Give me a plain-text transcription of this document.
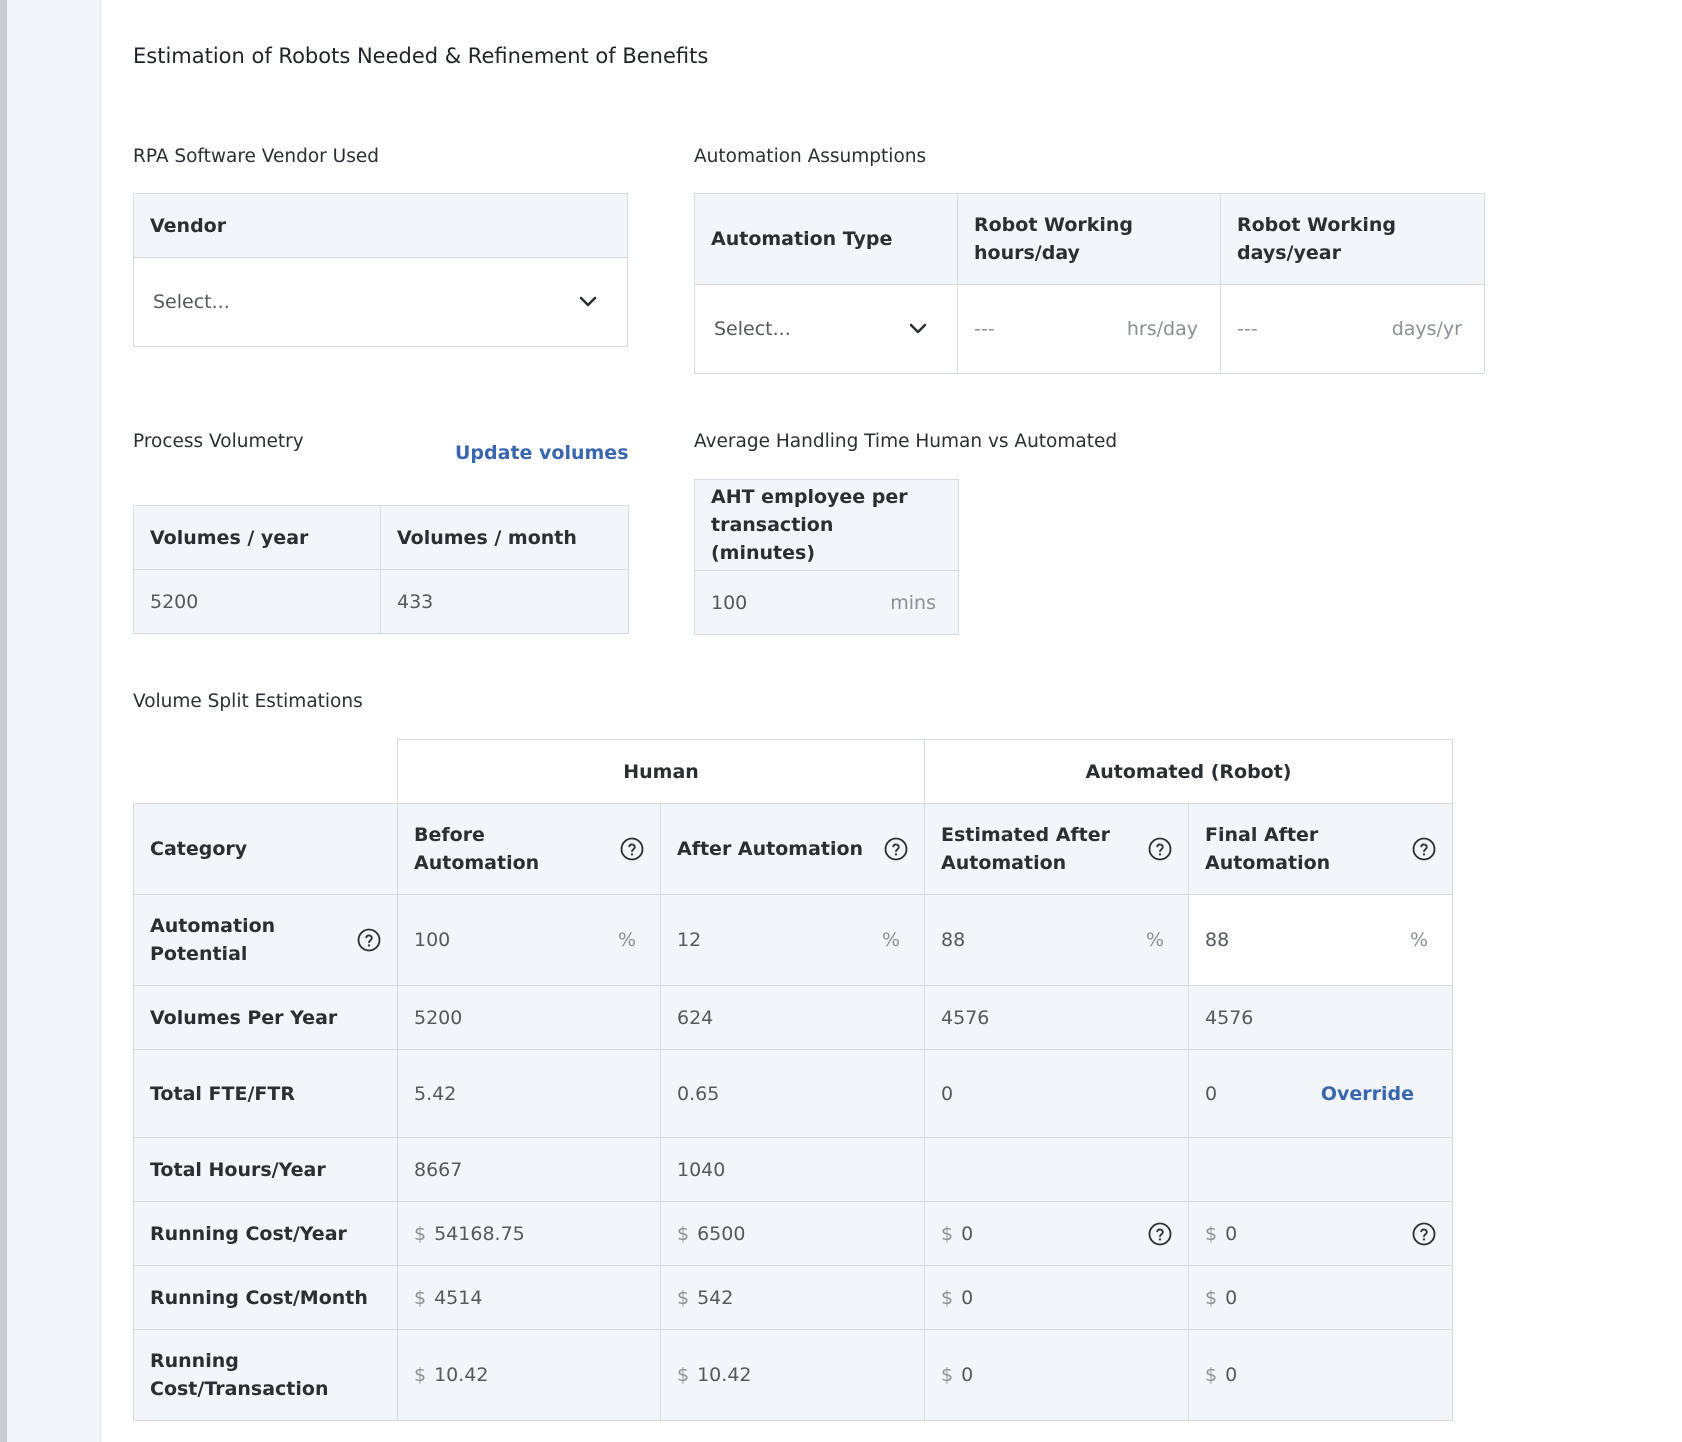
Estimation of Robots Needed & Refinement of Benefits
RPA Software Vendor Used
Vendor

Select...
Automation Assumptions
Automation Type	Robot Working hours/day	Robot Working days/year

Select...	--- hrs/day	--- days/yr
Process Volumetry
Update volumes
Volumes / year	Volumes / month
5200	433
Average Handling Time Human vs Automated
AHT employee per transaction (minutes)

100	mins
Volume Split Estimations
	Human		Automated (Robot)	
Category	Before Automation	After Automation	Estimated After Automation	Final After Automation

Automation Potential	100 %	12 %	88 %	88 %

Volumes Per Year	5200	624	4576	4576
Total FTE/FTR	5.42	0.65	0	0 Override

Total Hours/Year	8667	1040		
Running Cost/Year	$ 54168.75	$ 6500	$ 0	$ 0

Running Cost/Month	$ 4514	$ 542	$ 0	$ 0
Running Cost/Transaction	$ 10.42	$ 10.42	$ 0	$ 0
